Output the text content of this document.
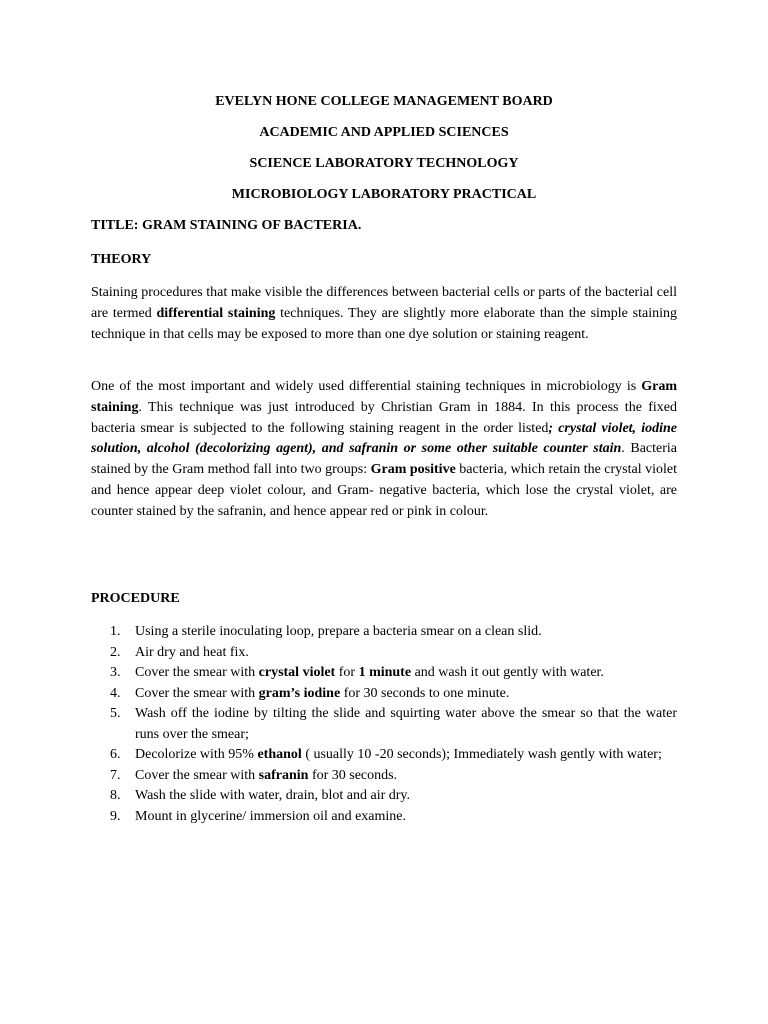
EVELYN HONE COLLEGE MANAGEMENT BOARD
ACADEMIC AND APPLIED SCIENCES
SCIENCE LABORATORY TECHNOLOGY
MICROBIOLOGY LABORATORY PRACTICAL
TITLE: GRAM STAINING OF BACTERIA.
THEORY

Staining procedures that make visible the differences between bacterial cells or parts of the bacterial cell are termed differential staining techniques. They are slightly more elaborate than the simple staining technique in that cells may be exposed to more than one dye solution or staining reagent.

One of the most important and widely used differential staining techniques in microbiology is Gram staining. This technique was just introduced by Christian Gram in 1884. In this process the fixed bacteria smear is subjected to the following staining reagent in the order listed; crystal violet, iodine solution, alcohol (decolorizing agent), and safranin or some other suitable counter stain. Bacteria stained by the Gram method fall into two groups: Gram positive bacteria, which retain the crystal violet and hence appear deep violet colour, and Gram- negative bacteria, which lose the crystal violet, are counter stained by the safranin, and hence appear red or pink in colour.

PROCEDURE
1. Using a sterile inoculating loop, prepare a bacteria smear on a clean slid.
2. Air dry and heat fix.
3. Cover the smear with crystal violet for 1 minute and wash it out gently with water.
4. Cover the smear with gram’s iodine for 30 seconds to one minute.
5. Wash off the iodine by tilting the slide and squirting water above the smear so that the water runs over the smear;
6. Decolorize with 95% ethanol ( usually 10 -20 seconds); Immediately wash gently with water;
7. Cover the smear with safranin for 30 seconds.
8. Wash the slide with water, drain, blot and air dry.
9. Mount in glycerine/ immersion oil and examine.
